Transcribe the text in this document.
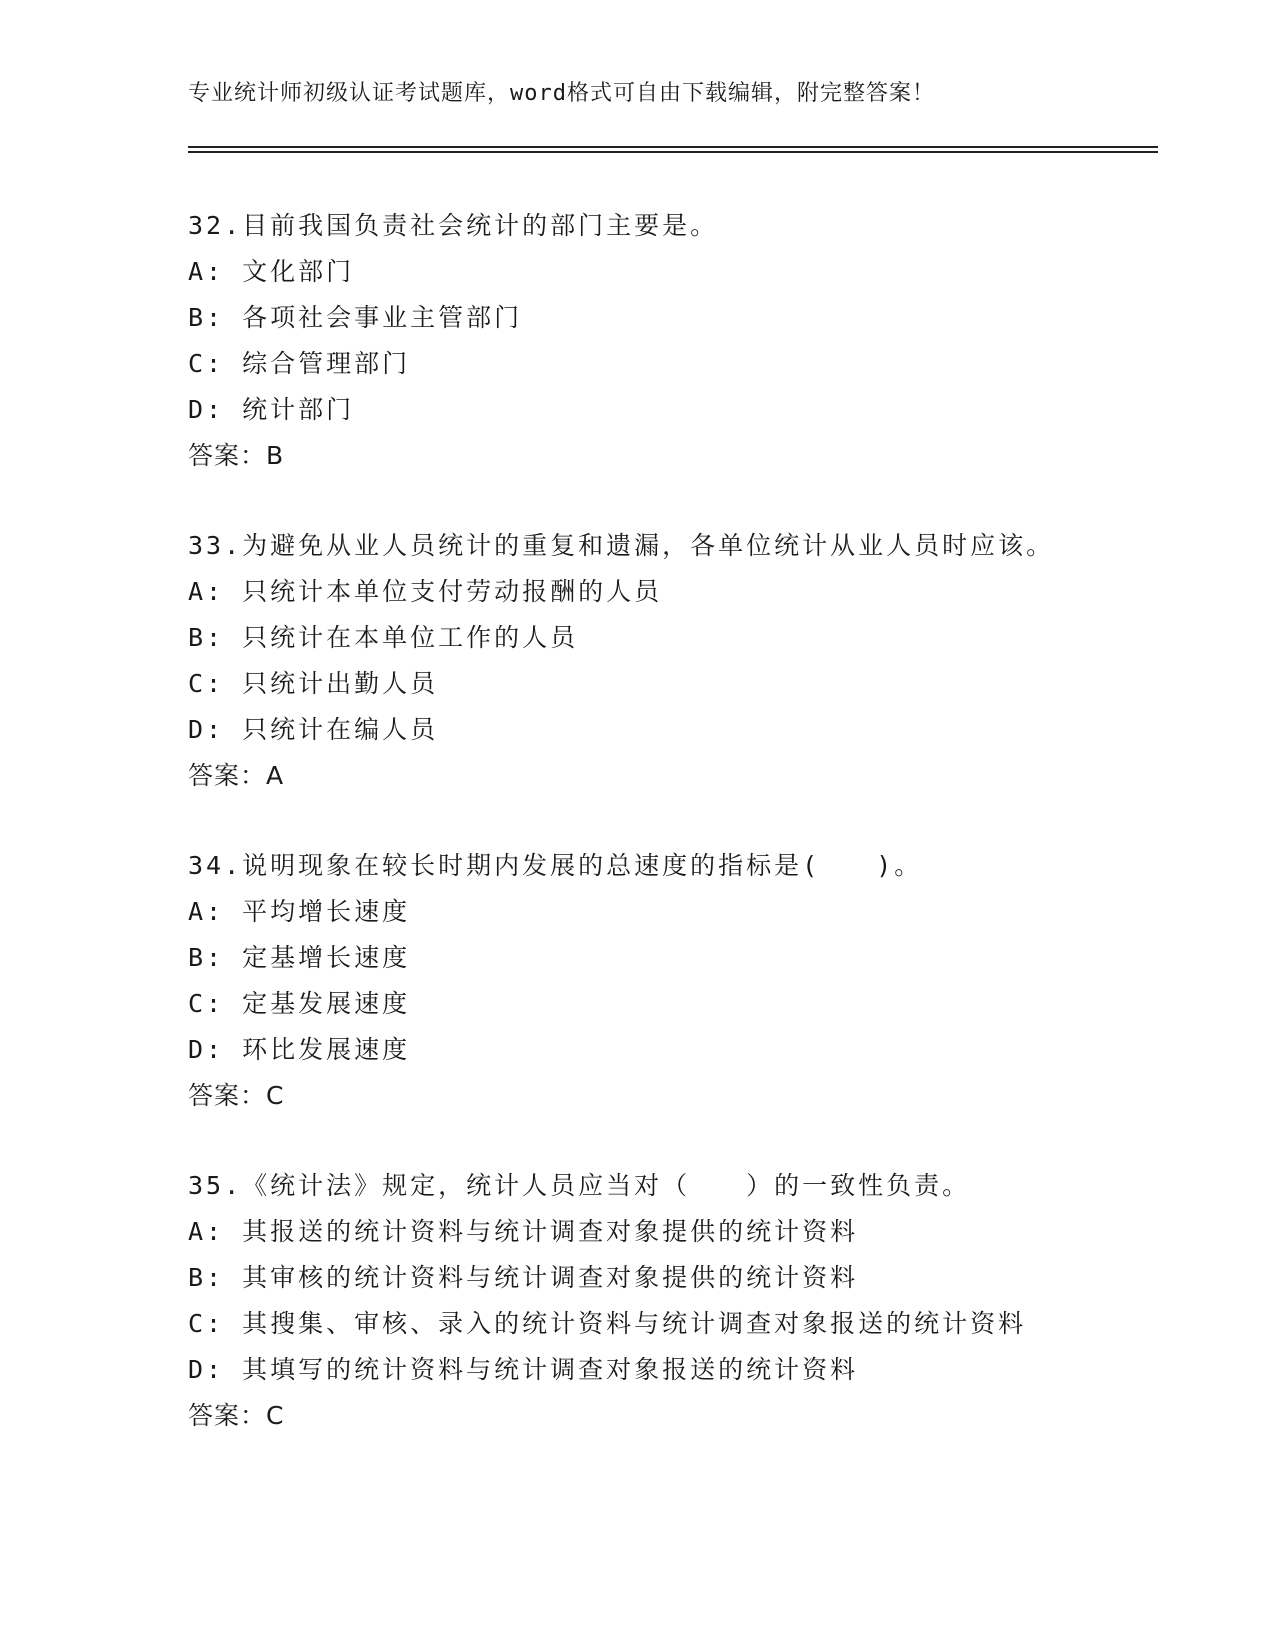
专业统计师初级认证考试题库，word格式可自由下载编辑，附完整答案！
32.目前我国负责社会统计的部门主要是。
A: 文化部门
B: 各项社会事业主管部门
C: 综合管理部门
D: 统计部门
答案：B
33.为避免从业人员统计的重复和遗漏，各单位统计从业人员时应该。
A: 只统计本单位支付劳动报酬的人员
B: 只统计在本单位工作的人员
C: 只统计出勤人员
D: 只统计在编人员
答案：A
34.说明现象在较长时期内发展的总速度的指标是(　　)。
A: 平均增长速度
B: 定基增长速度
C: 定基发展速度
D: 环比发展速度
答案：C
35.《统计法》规定，统计人员应当对（　　）的一致性负责。
A: 其报送的统计资料与统计调查对象提供的统计资料
B: 其审核的统计资料与统计调查对象提供的统计资料
C: 其搜集、审核、录入的统计资料与统计调查对象报送的统计资料
D: 其填写的统计资料与统计调查对象报送的统计资料
答案：C
